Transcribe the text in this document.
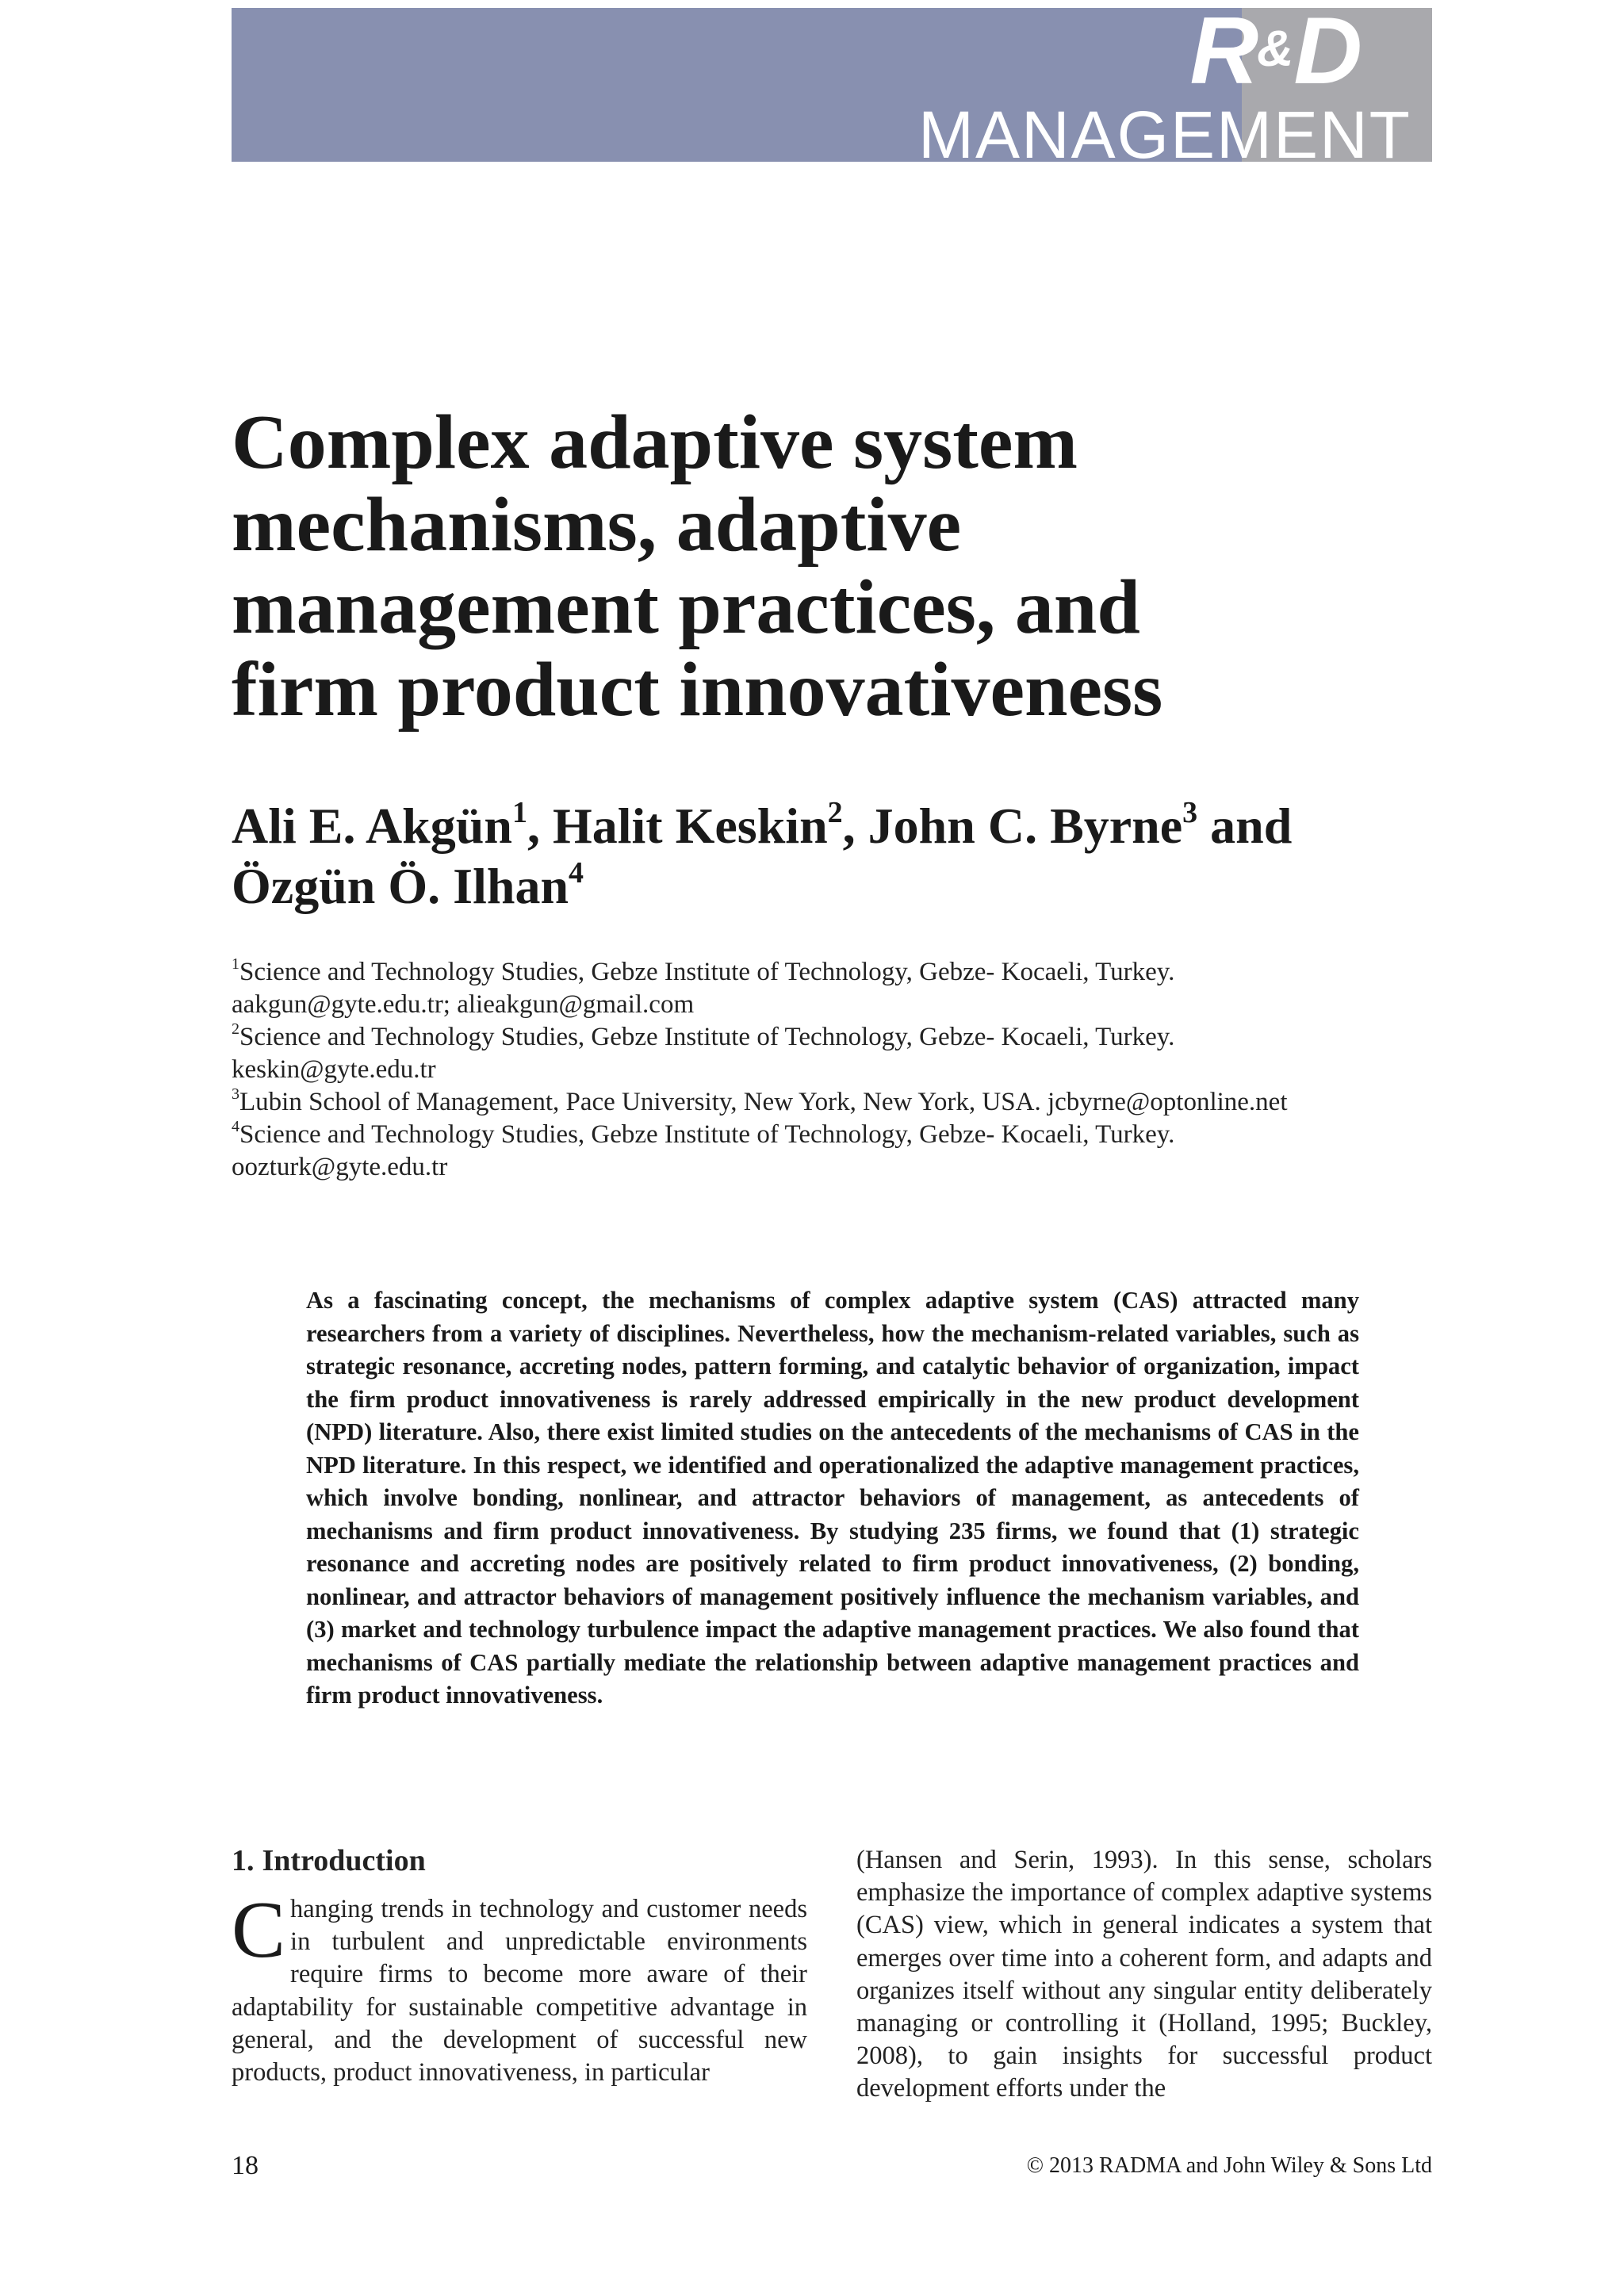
R&D
MANAGEMENT
Complex adaptive system
mechanisms, adaptive
management practices, and
firm product innovativeness
Ali E. Akgün$^1$, Halit Keskin$^2$, John C. Byrne$^3$ and
Özgün Ö. Ilhan$^4$
$^1$Science and Technology Studies, Gebze Institute of Technology, Gebze- Kocaeli, Turkey.
aakgun@gyte.edu.tr; alieakgun@gmail.com
$^2$Science and Technology Studies, Gebze Institute of Technology, Gebze- Kocaeli, Turkey.
keskin@gyte.edu.tr
$^3$Lubin School of Management, Pace University, New York, New York, USA. jcbyrne@optonline.net
$^4$Science and Technology Studies, Gebze Institute of Technology, Gebze- Kocaeli, Turkey.
oozturk@gyte.edu.tr

As a fascinating concept, the mechanisms of complex adaptive system (CAS) attracted many researchers from a variety of disciplines. Nevertheless, how the mechanism-related variables, such as strategic resonance, accreting nodes, pattern forming, and catalytic behavior of organization, impact the firm product innovativeness is rarely addressed empirically in the new product development (NPD) literature. Also, there exist limited studies on the antecedents of the mechanisms of CAS in the NPD literature. In this respect, we identified and operationalized the adaptive management practices, which involve bonding, nonlinear, and attractor behaviors of management, as antecedents of mechanisms and firm product innovativeness. By studying 235 firms, we found that (1) strategic resonance and accreting nodes are positively related to firm product innovativeness, (2) bonding, nonlinear, and attractor behaviors of management positively influence the mechanism variables, and (3) market and technology turbulence impact the adaptive management practices. We also found that mechanisms of CAS partially mediate the relationship between adaptive management practices and firm product innovativeness.

1. Introduction

Changing trends in technology and customer needs in turbulent and unpredictable environments require firms to become more aware of their adaptability for sustainable competitive advantage in general, and the development of successful new products, product innovativeness, in particular

(Hansen and Serin, 1993). In this sense, scholars emphasize the importance of complex adaptive systems (CAS) view, which in general indicates a system that emerges over time into a coherent form, and adapts and organizes itself without any singular entity deliberately managing or controlling it (Holland, 1995; Buckley, 2008), to gain insights for successful product development efforts under the

18	© 2013 RADMA and John Wiley & Sons Ltd
